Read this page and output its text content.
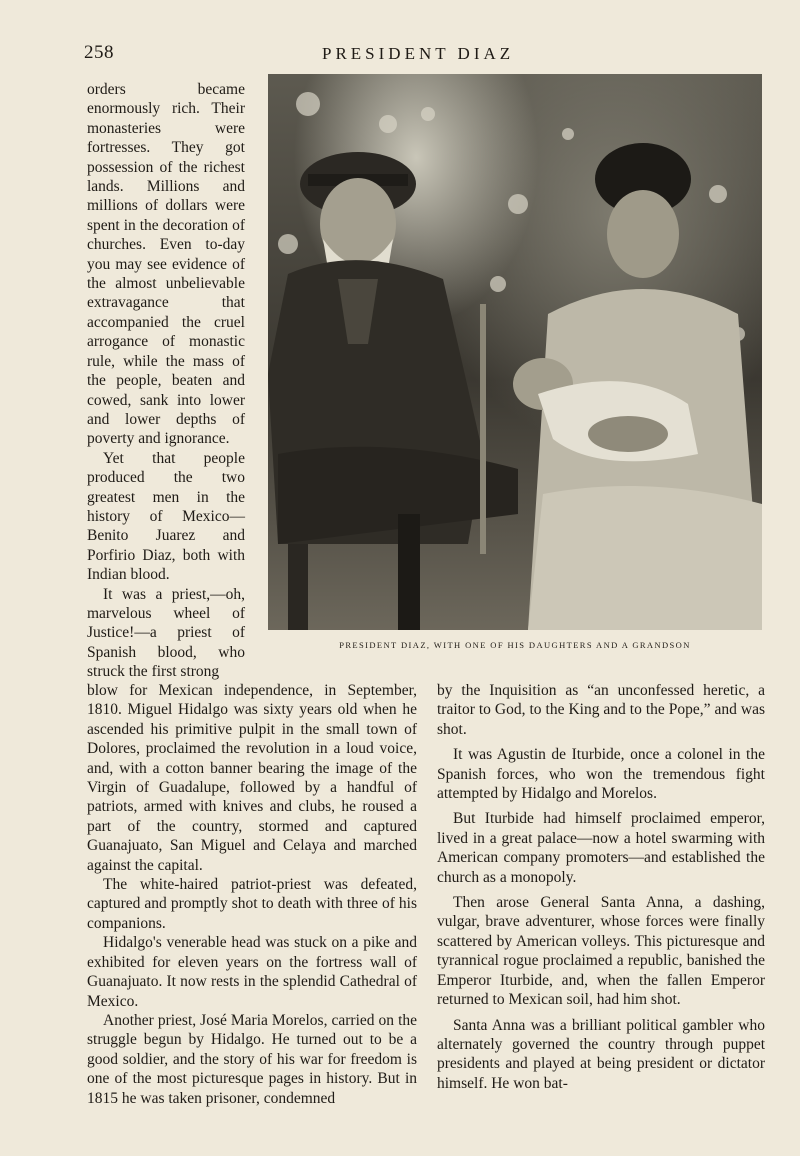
258	PRESIDENT DIAZ
PRESIDENT DIAZ, WITH ONE OF HIS DAUGHTERS AND A GRANDSON

orders became enormously rich. Their monasteries were fortresses. They got possession of the richest lands. Millions and millions of dollars were spent in the decoration of churches. Even to-day you may see evidence of the almost unbelievable extravagance that accompanied the cruel arrogance of monastic rule, while the mass of the people, beaten and cowed, sank into lower and lower depths of poverty and ignorance.

Yet that people produced the two greatest men in the history of Mexico—Benito Juarez and Porfirio Diaz, both with Indian blood.

It was a priest,—oh, marvelous wheel of Justice!—a priest of Spanish blood, who struck the first strong

blow for Mexican independence, in September, 1810. Miguel Hidalgo was sixty years old when he ascended his primitive pulpit in the small town of Dolores, proclaimed the revolution in a loud voice, and, with a cotton banner bearing the image of the Virgin of Guadalupe, followed by a handful of patriots, armed with knives and clubs, he roused a part of the country, stormed and captured Guanajuato, San Miguel and Celaya and marched against the capital.

The white-haired patriot-priest was defeated, captured and promptly shot to death with three of his companions.

Hidalgo's venerable head was stuck on a pike and exhibited for eleven years on the fortress wall of Guanajuato. It now rests in the splendid Cathedral of Mexico.

Another priest, José Maria Morelos, carried on the struggle begun by Hidalgo. He turned out to be a good soldier, and the story of his war for freedom is one of the most picturesque pages in history. But in 1815 he was taken prisoner, condemned

by the Inquisition as “an unconfessed heretic, a traitor to God, to the King and to the Pope,” and was shot.

It was Agustin de Iturbide, once a colonel in the Spanish forces, who won the tremendous fight attempted by Hidalgo and Morelos.

But Iturbide had himself proclaimed emperor, lived in a great palace—now a hotel swarming with American company promoters—and established the church as a monopoly.

Then arose General Santa Anna, a dashing, vulgar, brave adventurer, whose forces were finally scattered by American volleys. This picturesque and tyrannical rogue proclaimed a republic, banished the Emperor Iturbide, and, when the fallen Emperor returned to Mexican soil, had him shot.

Santa Anna was a brilliant political gambler who alternately governed the country through puppet presidents and played at being president or dictator himself. He won bat-
